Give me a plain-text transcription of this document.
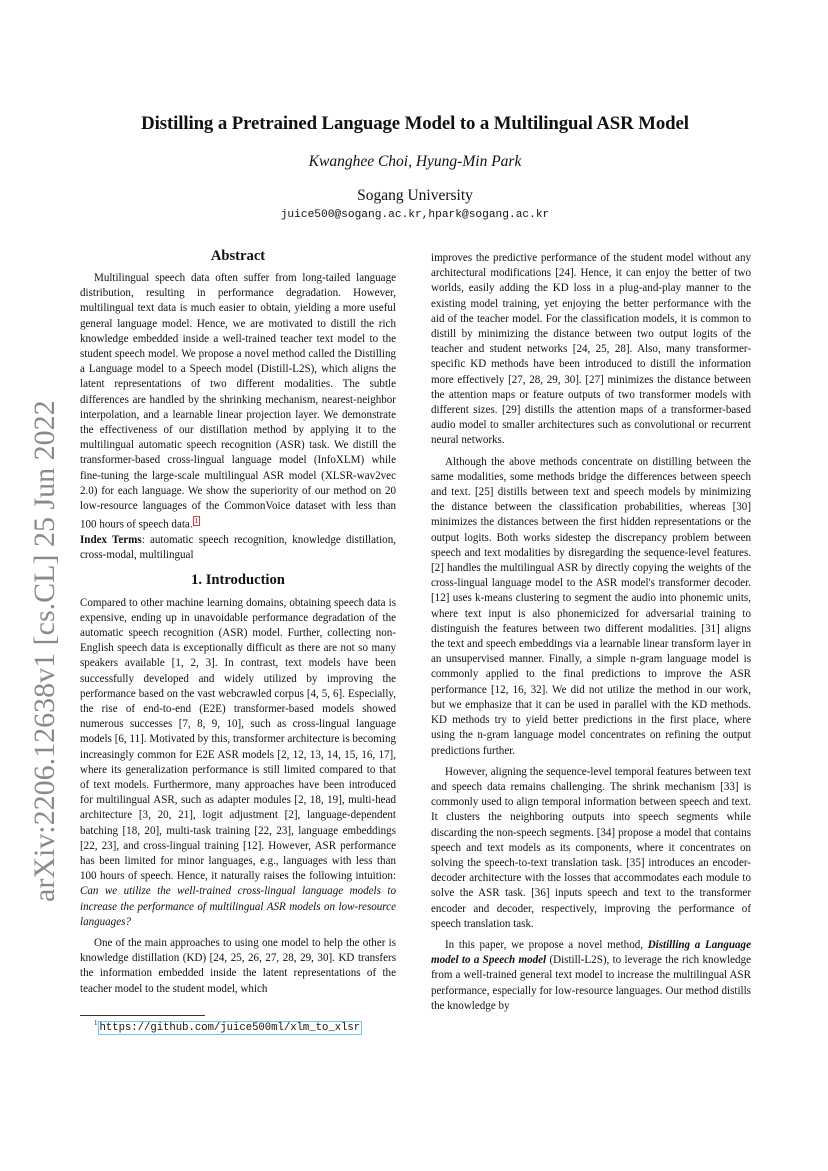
arXiv:2206.12638v1 [cs.CL] 25 Jun 2022
Distilling a Pretrained Language Model to a Multilingual ASR Model
Kwanghee Choi, Hyung-Min Park
Sogang University
juice500@sogang.ac.kr,hpark@sogang.ac.kr
Abstract

Multilingual speech data often suffer from long-tailed language distribution, resulting in performance degradation. However, multilingual text data is much easier to obtain, yielding a more useful general language model. Hence, we are motivated to distill the rich knowledge embedded inside a well-trained teacher text model to the student speech model. We propose a novel method called the Distilling a Language model to a Speech model (Distill-L2S), which aligns the latent representations of two different modalities. The subtle differences are handled by the shrinking mechanism, nearest-neighbor interpolation, and a learnable linear projection layer. We demonstrate the effectiveness of our distillation method by applying it to the multilingual automatic speech recognition (ASR) task. We distill the transformer-based cross-lingual language model (InfoXLM) while fine-tuning the large-scale multilingual ASR model (XLSR-wav2vec 2.0) for each language. We show the superiority of our method on 20 low-resource languages of the CommonVoice dataset with less than 100 hours of speech data. $^1$

Index Terms: automatic speech recognition, knowledge distillation, cross-modal, multilingual

1. Introduction

Compared to other machine learning domains, obtaining speech data is expensive, ending up in unavoidable performance degradation of the automatic speech recognition (ASR) model. Further, collecting non-English speech data is exceptionally difficult as there are not so many speakers available [1, 2, 3]. In contrast, text models have been successfully developed and widely utilized by improving the performance based on the vast webcrawled corpus [4, 5, 6]. Especially, the rise of end-to-end (E2E) transformer-based models showed numerous successes [7, 8, 9, 10], such as cross-lingual language models [6, 11]. Motivated by this, transformer architecture is becoming increasingly common for E2E ASR models [2, 12, 13, 14, 15, 16, 17], where its generalization performance is still limited compared to that of text models. Furthermore, many approaches have been introduced for multilingual ASR, such as adapter modules [2, 18, 19], multi-head architecture [3, 20, 21], logit adjustment [2], language-dependent batching [18, 20], multi-task training [22, 23], language embeddings [22, 23], and cross-lingual training [12]. However, ASR performance has been limited for minor languages, e.g., languages with less than 100 hours of speech. Hence, it naturally raises the following intuition: Can we utilize the well-trained cross-lingual language models to increase the performance of multilingual ASR models on low-resource languages?

One of the main approaches to using one model to help the other is knowledge distillation (KD) [24, 25, 26, 27, 28, 29, 30]. KD transfers the information embedded inside the latent representations of the teacher model to the student model, which

improves the predictive performance of the student model without any architectural modifications [24]. Hence, it can enjoy the better of two worlds, easily adding the KD loss in a plug-and-play manner to the existing model training, yet enjoying the better performance with the aid of the teacher model. For the classification models, it is common to distill by minimizing the distance between two output logits of the teacher and student networks [24, 25, 28]. Also, many transformer-specific KD methods have been introduced to distill the information more effectively [27, 28, 29, 30]. [27] minimizes the distance between the attention maps or feature outputs of two transformer models with different sizes. [29] distills the attention maps of a transformer-based audio model to smaller architectures such as convolutional or recurrent neural networks.

Although the above methods concentrate on distilling between the same modalities, some methods bridge the differences between speech and text. [25] distills between text and speech models by minimizing the distance between the classification probabilities, whereas [30] minimizes the distances between the first hidden representations or the output logits. Both works sidestep the discrepancy problem between speech and text modalities by disregarding the sequence-level features. [2] handles the multilingual ASR by directly copying the weights of the cross-lingual language model to the ASR model's transformer decoder. [12] uses k-means clustering to segment the audio into phonemic units, where text input is also phonemicized for adversarial training to distinguish the features between two different modalities. [31] aligns the text and speech embeddings via a learnable linear transform layer in an unsupervised manner. Finally, a simple n-gram language model is commonly applied to the final predictions to improve the ASR performance [12, 16, 32]. We did not utilize the method in our work, but we emphasize that it can be used in parallel with the KD methods. KD methods try to yield better predictions in the first place, where using the n-gram language model concentrates on refining the output predictions further.

However, aligning the sequence-level temporal features between text and speech data remains challenging. The shrink mechanism [33] is commonly used to align temporal information between speech and text. It clusters the neighboring outputs into speech segments while discarding the non-speech segments. [34] propose a model that contains speech and text models as its components, where it concentrates on solving the speech-to-text translation task. [35] introduces an encoder-decoder architecture with the losses that accommodates each module to solve the ASR task. [36] inputs speech and text to the transformer encoder and decoder, respectively, improving the performance of speech translation task.

In this paper, we propose a novel method, Distilling a Language model to a Speech model (Distill-L2S), to leverage the rich knowledge from a well-trained general text model to increase the multilingual ASR performance, especially for low-resource languages. Our method distills the knowledge by

$^1$ https://github.com/juice500ml/xlm_to_xlsr
